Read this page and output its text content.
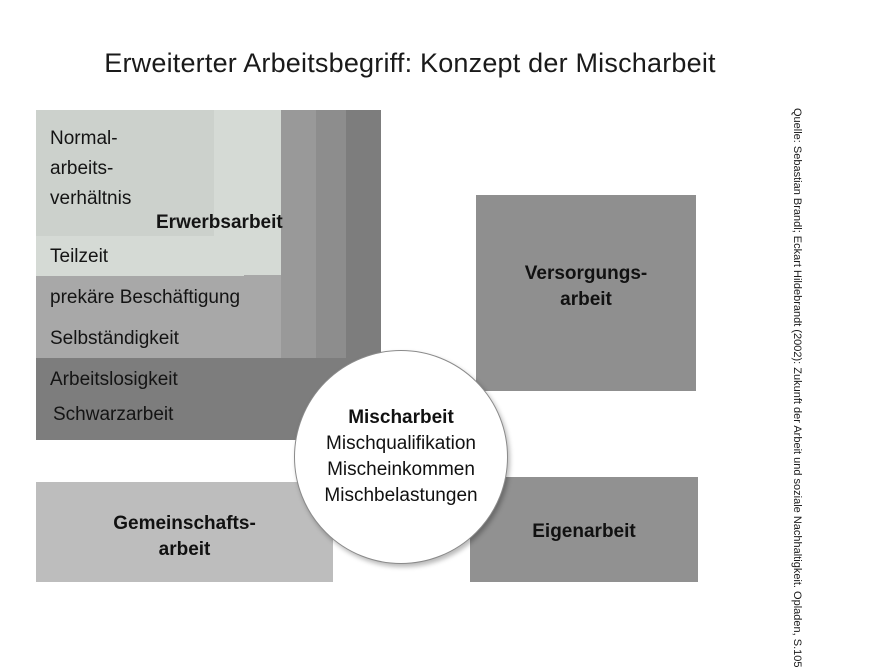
Erweiterter Arbeitsbegriff: Konzept der Mischarbeit
Normal-
arbeits-
verhältnis
Erwerbsarbeit
Teilzeit
prekäre Beschäftigung
Selbständigkeit
Arbeitslosigkeit
Schwarzarbeit
Versorgungs-
arbeit
Gemeinschafts-
arbeit
Eigenarbeit
Mischarbeit
Mischqualifikation
Mischeinkommen
Mischbelastungen	Quelle: Sebastian Brandl; Eckart Hildebrandt (2002): Zukunft der Arbeit und soziale Nachhaltigkeit. Opladen, S.105
